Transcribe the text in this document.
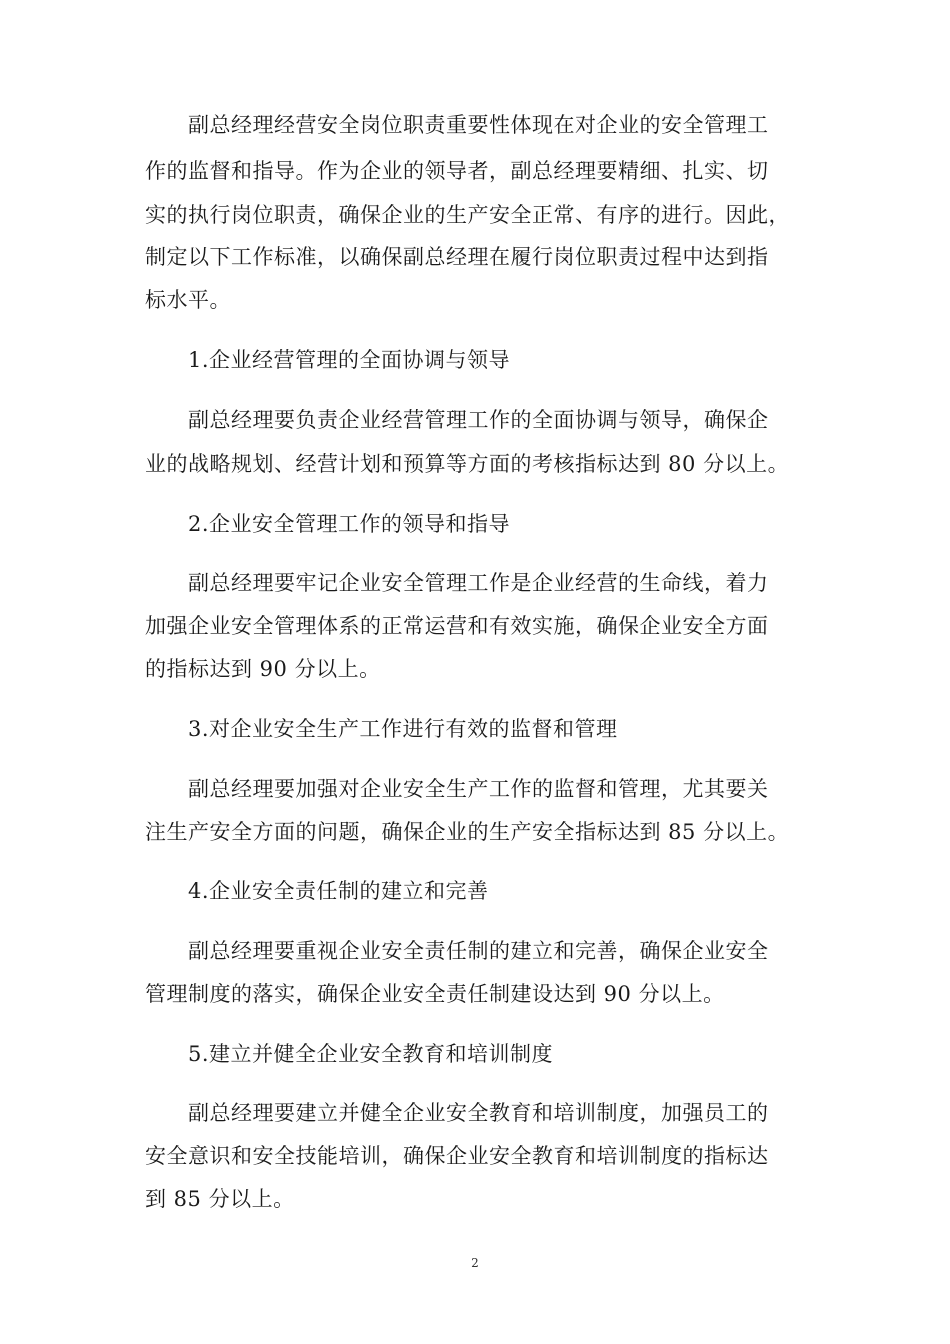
副总经理经营安全岗位职责重要性体现在对企业的安全管理工
作的监督和指导。作为企业的领导者，副总经理要精细、扎实、切
实的执行岗位职责，确保企业的生产安全正常、有序的进行。因此，
制定以下工作标准，以确保副总经理在履行岗位职责过程中达到指
标水平。
1.企业经营管理的全面协调与领导
副总经理要负责企业经营管理工作的全面协调与领导，确保企
业的战略规划、经营计划和预算等方面的考核指标达到 80 分以上。
2.企业安全管理工作的领导和指导
副总经理要牢记企业安全管理工作是企业经营的生命线，着力
加强企业安全管理体系的正常运营和有效实施，确保企业安全方面
的指标达到 90 分以上。
3.对企业安全生产工作进行有效的监督和管理
副总经理要加强对企业安全生产工作的监督和管理，尤其要关
注生产安全方面的问题，确保企业的生产安全指标达到 85 分以上。
4.企业安全责任制的建立和完善
副总经理要重视企业安全责任制的建立和完善，确保企业安全
管理制度的落实，确保企业安全责任制建设达到 90 分以上。
5.建立并健全企业安全教育和培训制度
副总经理要建立并健全企业安全教育和培训制度，加强员工的
安全意识和安全技能培训，确保企业安全教育和培训制度的指标达
到 85 分以上。
2
